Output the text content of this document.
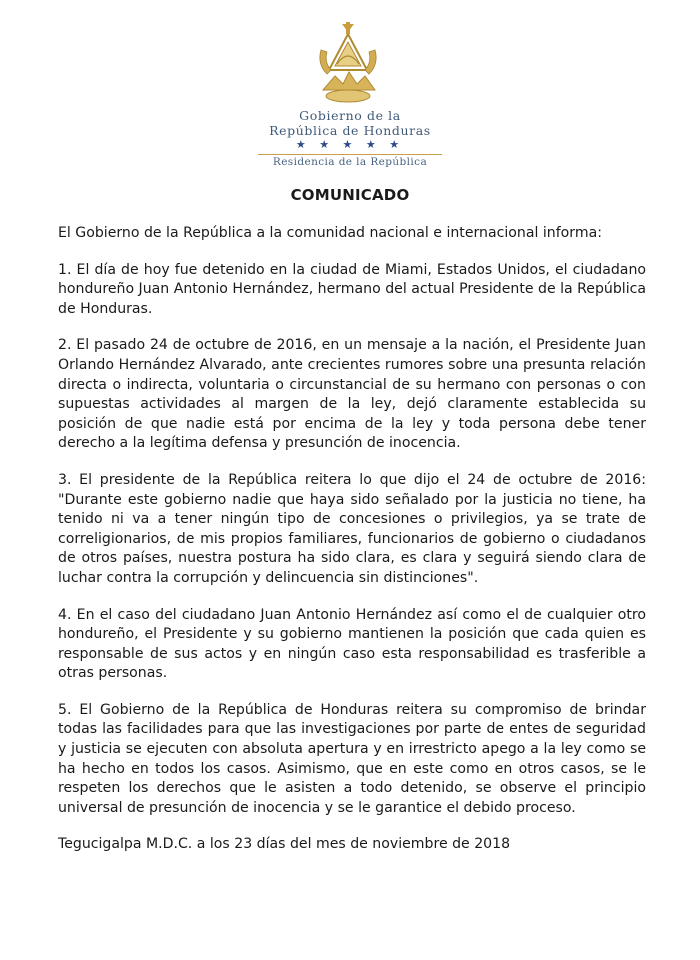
Gobierno de la
República de Honduras
★ ★ ★ ★ ★
Residencia de la República
COMUNICADO

El Gobierno de la República a la comunidad nacional e internacional informa:

1. El día de hoy fue detenido en la ciudad de Miami, Estados Unidos, el ciudadano hondureño Juan Antonio Hernández, hermano del actual Presidente de la República de Honduras.

2. El pasado 24 de octubre de 2016, en un mensaje a la nación, el Presidente Juan Orlando Hernández Alvarado, ante crecientes rumores sobre una presunta relación directa o indirecta, voluntaria o circunstancial de su hermano con personas o con supuestas actividades al margen de la ley, dejó claramente establecida su posición de que nadie está por encima de la ley y toda persona debe tener derecho a la legítima defensa y presunción de inocencia.

3. El presidente de la República reitera lo que dijo el 24 de octubre de 2016: "Durante este gobierno nadie que haya sido señalado por la justicia no tiene, ha tenido ni va a tener ningún tipo de concesiones o privilegios, ya se trate de correligionarios, de mis propios familiares, funcionarios de gobierno o ciudadanos de otros países, nuestra postura ha sido clara, es clara y seguirá siendo clara de luchar contra la corrupción y delincuencia sin distinciones".

4. En el caso del ciudadano Juan Antonio Hernández así como el de cualquier otro hondureño, el Presidente y su gobierno mantienen la posición que cada quien es responsable de sus actos y en ningún caso esta responsabilidad es trasferible a otras personas.

5. El Gobierno de la República de Honduras reitera su compromiso de brindar todas las facilidades para que las investigaciones por parte de entes de seguridad y justicia se ejecuten con absoluta apertura y en irrestricto apego a la ley como se ha hecho en todos los casos. Asimismo, que en este como en otros casos, se le respeten los derechos que le asisten a todo detenido, se observe el principio universal de presunción de inocencia y se le garantice el debido proceso.

Tegucigalpa M.D.C. a los 23 días del mes de noviembre de 2018
